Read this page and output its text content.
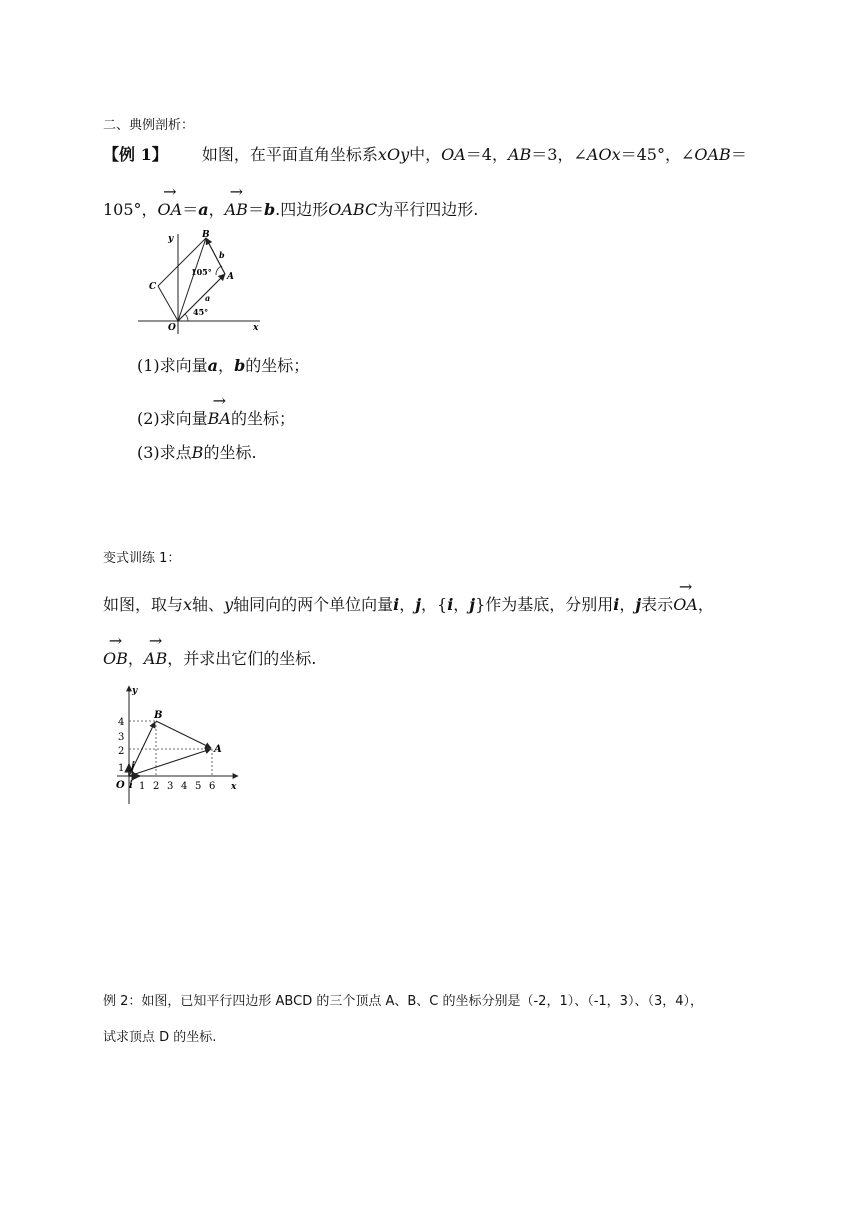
二、典例剖析：
【例 1】 如图，在平面直角坐标系xOy中，OA＝4，AB＝3，∠AOx＝45°，∠OAB＝
105°，→ OA＝a，→ AB＝b.四边形OABC为平行四边形.
y
x
O
B
A
C
b
a
105°
45°
(1)求向量a，b的坐标；
(2)求向量→ BA的坐标；
(3)求点B的坐标.
变式训练 1：
如图，取与x轴、y轴同向的两个单位向量i，j，{i，j}作为基底，分别用i，j表示→ OA，
→ OB，→ AB，并求出它们的坐标.
y
x
O i
j
B
A
1 2 3 4 5 6
1
2
3
4
例 2：如图，已知平行四边形 ABCD 的三个顶点 A、B、C 的坐标分别是（-2，1）、（-1，3）、（3，4），
试求顶点 D 的坐标.
